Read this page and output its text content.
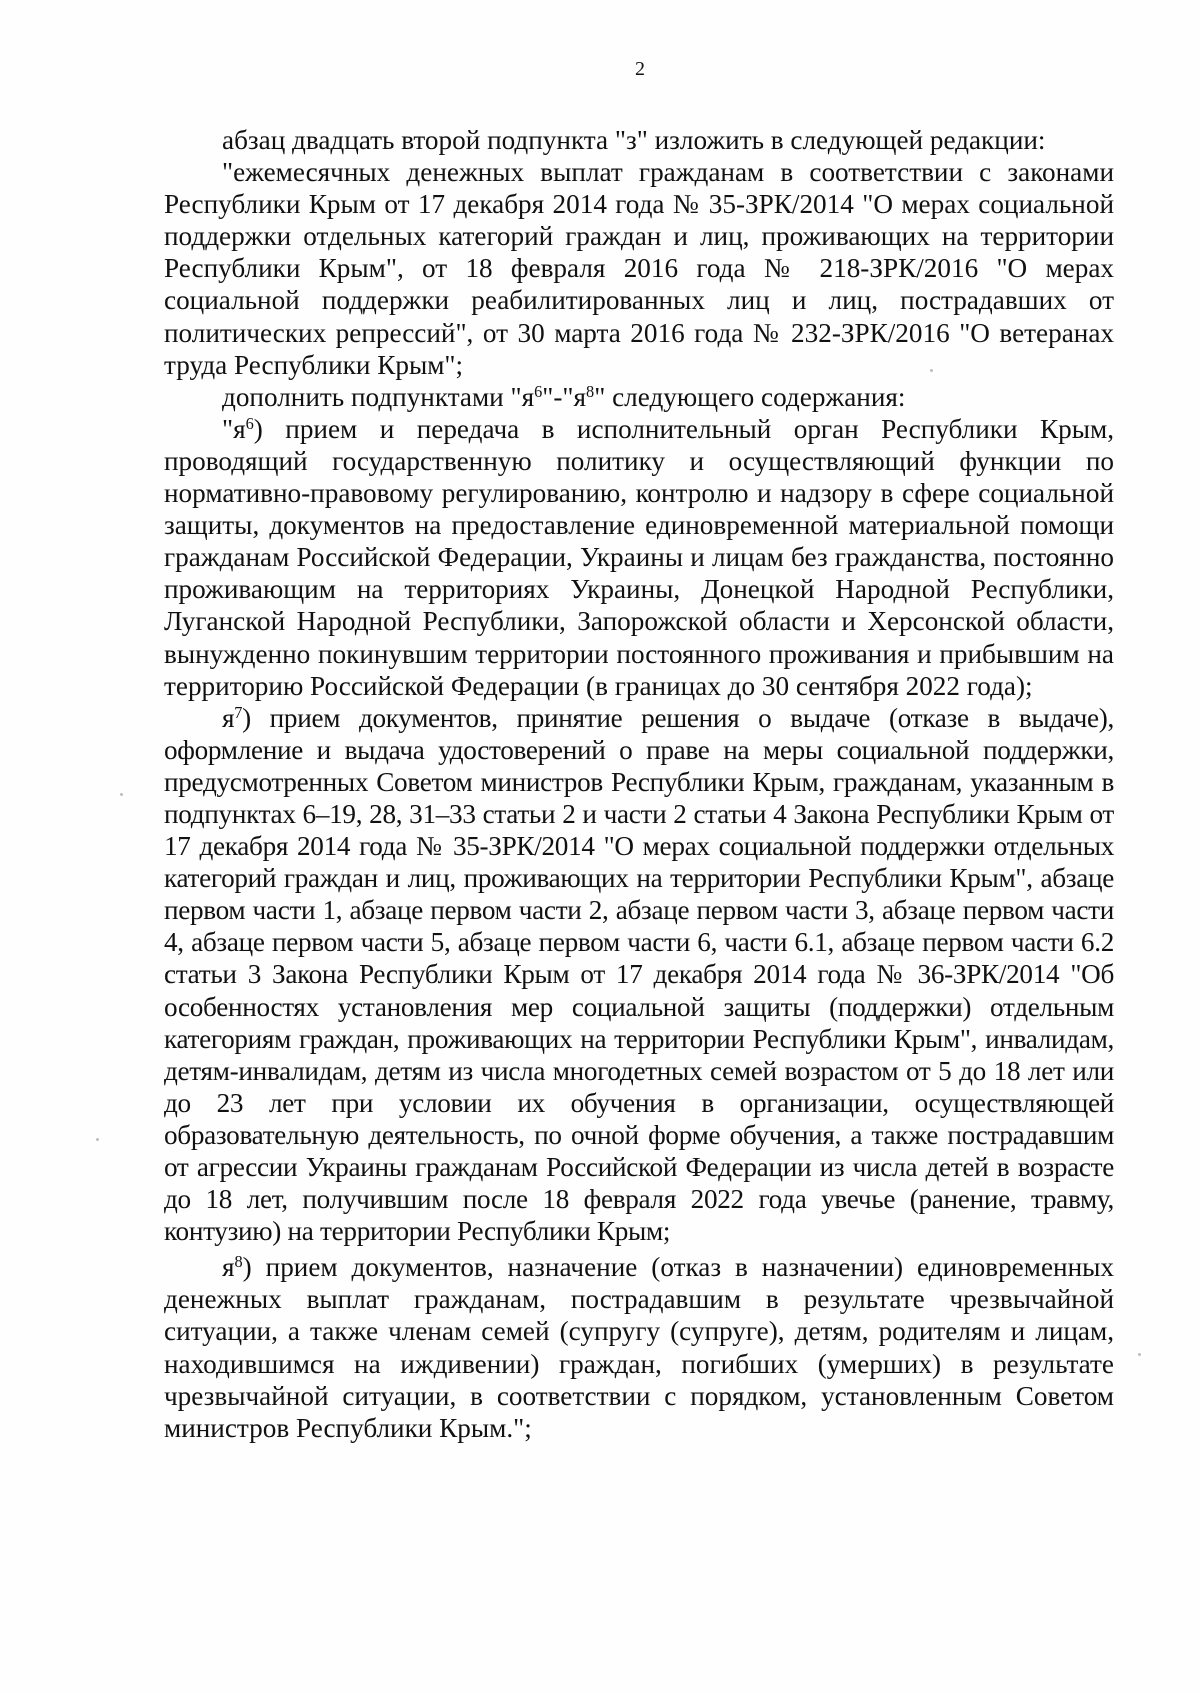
2

абзац двадцать второй подпункта "з" изложить в следующей редакции:

"ежемесячных денежных выплат гражданам в соответствии с законами Республики Крым от 17 декабря 2014 года № 35-ЗРК/2014 "О мерах социальной поддержки отдельных категорий граждан и лиц, проживающих на территории Республики Крым", от 18 февраля 2016 года № 218-ЗРК/2016 "О мерах социальной поддержки реабилитированных лиц и лиц, пострадавших от политических репрессий", от 30 марта 2016 года № 232-ЗРК/2016 "О ветеранах труда Республики Крым";

дополнить подпунктами "$я^6"-"я^8$" следующего содержания:

"$я^6$) прием и передача в исполнительный орган Республики Крым, проводящий государственную политику и осуществляющий функции по нормативно-правовому регулированию, контролю и надзору в сфере социальной защиты, документов на предоставление единовременной материальной помощи гражданам Российской Федерации, Украины и лицам без гражданства, постоянно проживающим на территориях Украины, Донецкой Народной Республики, Луганской Народной Республики, Запорожской области и Херсонской области, вынужденно покинувшим территории постоянного проживания и прибывшим на территорию Российской Федерации (в границах до 30 сентября 2022 года);

$я^7$) прием документов, принятие решения о выдаче (отказе в выдаче), оформление и выдача удостоверений о праве на меры социальной поддержки, предусмотренных Советом министров Республики Крым, гражданам, указанным в подпунктах 6–19, 28, 31–33 статьи 2 и части 2 статьи 4 Закона Республики Крым от 17 декабря 2014 года № 35-ЗРК/2014 "О мерах социальной поддержки отдельных категорий граждан и лиц, проживающих на территории Республики Крым", абзаце первом части 1, абзаце первом части 2, абзаце первом части 3, абзаце первом части 4, абзаце первом части 5, абзаце первом части 6, части 6.1, абзаце первом части 6.2 статьи 3 Закона Республики Крым от 17 декабря 2014 года № 36-ЗРК/2014 "Об особенностях установления мер социальной защиты (поддержки) отдельным категориям граждан, проживающих на территории Республики Крым", инвалидам, детям-инвалидам, детям из числа многодетных семей возрастом от 5 до 18 лет или до 23 лет при условии их обучения в организации, осуществляющей образовательную деятельность, по очной форме обучения, а также пострадавшим от агрессии Украины гражданам Российской Федерации из числа детей в возрасте до 18 лет, получившим после 18 февраля 2022 года увечье (ранение, травму, контузию) на территории Республики Крым;

$я^8$) прием документов, назначение (отказ в назначении) единовременных денежных выплат гражданам, пострадавшим в результате чрезвычайной ситуации, а также членам семей (супругу (супруге), детям, родителям и лицам, находившимся на иждивении) граждан, погибших (умерших) в результате чрезвычайной ситуации, в соответствии с порядком, установленным Советом министров Республики Крым.";
